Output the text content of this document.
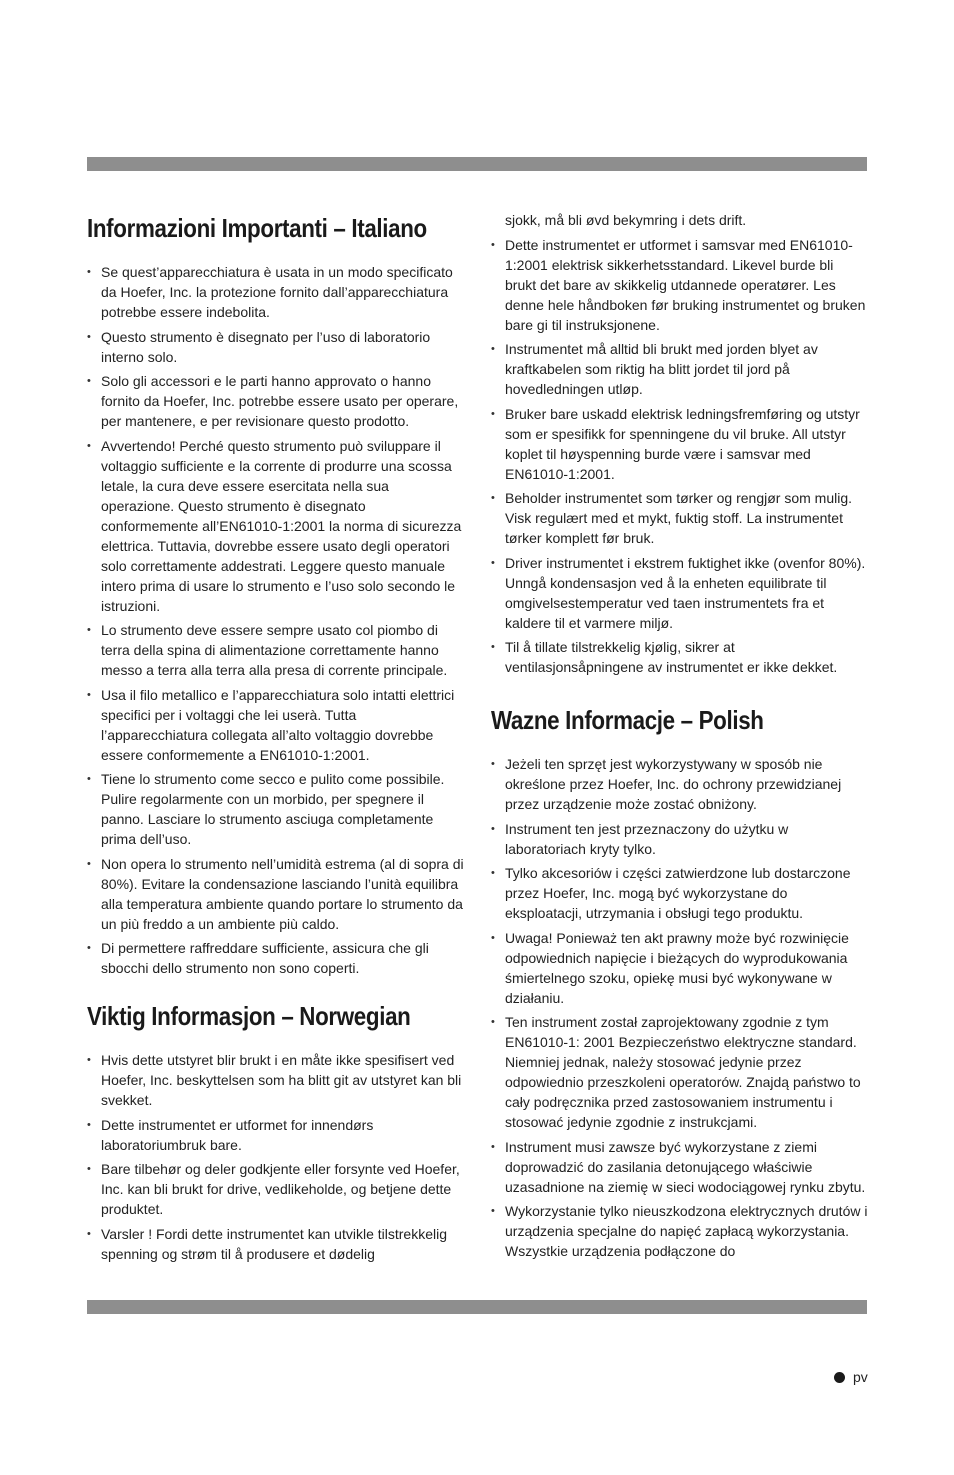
Informazioni Importanti – Italiano
• Se quest’apparecchiatura è usata in un modo specificato da Hoefer, Inc. la protezione fornito dall’apparecchiatura potrebbe essere indebolita.
• Questo strumento è disegnato per l’uso di laboratorio interno solo.
• Solo gli accessori e le parti hanno approvato o hanno fornito da Hoefer, Inc. potrebbe essere usato per operare, per mantenere, e per revisionare questo prodotto.
• Avvertendo! Perché questo strumento può sviluppare il voltaggio sufficiente e la corrente di produrre una scossa letale, la cura deve essere esercitata nella sua operazione. Questo strumento è disegnato conformemente all’EN61010-1:2001 la norma di sicurezza elettrica. Tuttavia, dovrebbe essere usato degli operatori solo correttamente addestrati. Leggere questo manuale intero prima di usare lo strumento e l’uso solo secondo le istruzioni.
• Lo strumento deve essere sempre usato col piombo di terra della spina di alimentazione correttamente hanno messo a terra alla terra alla presa di corrente principale.
• Usa il filo metallico e l’apparecchiatura solo intatti elettrici specifici per i voltaggi che lei userà. Tutta l’apparecchiatura collegata all’alto voltaggio dovrebbe essere conformemente a EN61010-1:2001.
• Tiene lo strumento come secco e pulito come possibile. Pulire regolarmente con un morbido, per spegnere il panno. Lasciare lo strumento asciuga completamente prima dell’uso.
• Non opera lo strumento nell’umidità estrema (al di sopra di 80%). Evitare la condensazione lasciando l’unità equilibra alla temperatura ambiente quando portare lo strumento da un più freddo a un ambiente più caldo.
• Di permettere raffreddare sufficiente, assicura che gli sbocchi dello strumento non sono coperti.
Viktig Informasjon – Norwegian
• Hvis dette utstyret blir brukt i en måte ikke spesifisert ved Hoefer, Inc. beskyttelsen som ha blitt git av utstyret kan bli svekket.
• Dette instrumentet er utformet for innendørs laboratoriumbruk bare.
• Bare tilbehør og deler godkjente eller forsynte ved Hoefer, Inc. kan bli brukt for drive, vedlikeholde, og betjene dette produktet.
• Varsler ! Fordi dette instrumentet kan utvikle tilstrekkelig spenning og strøm til å produsere et dødelig
sjokk, må bli øvd bekymring i dets drift.
• Dette instrumentet er utformet i samsvar med EN61010-1:2001 elektrisk sikkerhetsstandard. Likevel burde bli brukt det bare av skikkelig utdannede operatører. Les denne hele håndboken før bruking instrumentet og bruken bare gi til instruksjonene.
• Instrumentet må alltid bli brukt med jorden blyet av kraftkabelen som riktig ha blitt jordet til jord på hovedledningen utløp.
• Bruker bare uskadd elektrisk ledningsfremføring og utstyr som er spesifikk for spenningene du vil bruke. All utstyr koplet til høyspenning burde være i samsvar med EN61010-1:2001.
• Beholder instrumentet som tørker og rengjør som mulig. Visk regulært med et mykt, fuktig stoff. La instrumentet tørker komplett før bruk.
• Driver instrumentet i ekstrem fuktighet ikke (ovenfor 80%). Unngå kondensasjon ved å la enheten equilibrate til omgivelsestemperatur ved taen instrumentets fra et kaldere til et varmere miljø.
• Til å tillate tilstrekkelig kjølig, sikrer at ventilasjonsåpningene av instrumentet er ikke dekket.
Wazne Informacje – Polish
• Jeżeli ten sprzęt jest wykorzystywany w sposób nie określone przez Hoefer, Inc. do ochrony przewidzianej przez urządzenie może zostać obniżony.
• Instrument ten jest przeznaczony do użytku w laboratoriach kryty tylko.
• Tylko akcesoriów i części zatwierdzone lub dostarczone przez Hoefer, Inc. mogą być wykorzystane do eksploatacji, utrzymania i obsługi tego produktu.
• Uwaga! Ponieważ ten akt prawny może być rozwinięcie odpowiednich napięcie i bieżących do wyprodukowania śmiertelnego szoku, opiekę musi być wykonywane w działaniu.
• Ten instrument został zaprojektowany zgodnie z tym EN61010-1: 2001 Bezpieczeństwo elektryczne standard. Niemniej jednak, należy stosować jedynie przez odpowiednio przeszkoleni operatorów. Znajdą państwo to cały podręcznika przed zastosowaniem instrumentu i stosować jedynie zgodnie z instrukcjami.
• Instrument musi zawsze być wykorzystane z ziemi doprowadzić do zasilania detonującego właściwie uzasadnione na ziemię w sieci wodociągowej rynku zbytu.
• Wykorzystanie tylko nieuszkodzona elektrycznych drutów i urządzenia specjalne do napięć zapłacą wykorzystania. Wszystkie urządzenia podłączone do
pv
